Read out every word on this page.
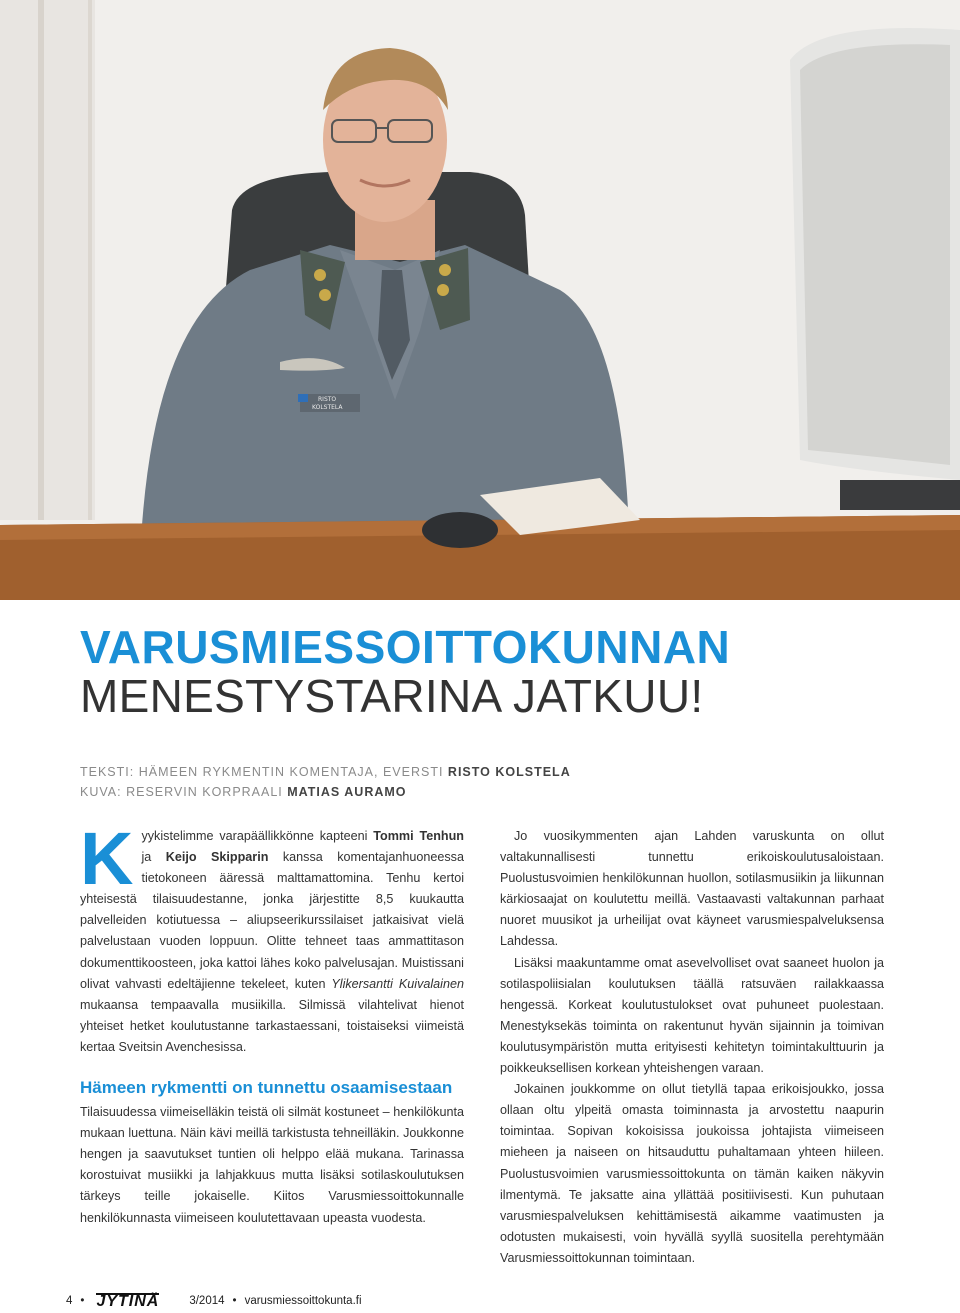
RISTO
KOLSTELA
VARUSMIESSOITTOKUNNAN
MENESTYSTARINA JATKUU!
TEKSTI: HÄMEEN RYKMENTIN KOMENTAJA, EVERSTI RISTO KOLSTELA
KUVA: RESERVIN KORPRAALI MATIAS AURAMO

Kyykistelimme varapäällikkönne kapteeni Tommi Tenhun ja Keijo Skipparin kanssa komentajanhuoneessa tietokoneen ääressä malttamattomina. Tenhu kertoi yhteisestä tilaisuudestanne, jonka järjestitte 8,5 kuukautta palvelleiden kotiutuessa – aliupseerikurssilaiset jatkaisivat vielä palvelustaan vuoden loppuun. Olitte tehneet taas ammattitason dokumenttikoosteen, joka kattoi lähes koko palvelusajan. Muistissani olivat vahvasti edeltäjienne tekeleet, kuten Ylikersantti Kuivalainen mukaansa tempaavalla musiikilla. Silmissä vilahtelivat hienot yhteiset hetket koulutustanne tarkastaessani, toistaiseksi viimeistä kertaa Sveitsin Avenchesissa.

Hämeen rykmentti on tunnettu osaamisestaan

Tilaisuudessa viimeiselläkin teistä oli silmät kostuneet – henkilökunta mukaan luettuna. Näin kävi meillä tarkistusta tehneilläkin. Joukkonne hengen ja saavutukset tuntien oli helppo elää mukana. Tarinassa korostuivat musiikki ja lahjakkuus mutta lisäksi sotilaskoulutuksen tärkeys teille jokaiselle. Kiitos Varusmiessoittokunnalle henkilökunnasta viimeiseen koulutettavaan upeasta vuodesta.

Jo vuosikymmenten ajan Lahden varuskunta on ollut valtakunnallisesti tunnettu erikoiskoulutusaloistaan. Puolustusvoimien henkilökunnan huollon, sotilasmusiikin ja liikunnan kärkiosaajat on koulutettu meillä. Vastaavasti valtakunnan parhaat nuoret muusikot ja urheilijat ovat käyneet varusmiespalveluksensa Lahdessa.

Lisäksi maakuntamme omat asevelvolliset ovat saaneet huolon ja sotilaspoliisialan koulutuksen täällä ratsuväen railakkaassa hengessä. Korkeat koulutustulokset ovat puhuneet puolestaan. Menestyksekäs toiminta on rakentunut hyvän sijainnin ja toimivan koulutusympäristön mutta erityisesti kehitetyn toimintakulttuurin ja poikkeuksellisen korkean yhteishengen varaan.

Jokainen joukkomme on ollut tietyllä tapaa erikoisjoukko, jossa ollaan oltu ylpeitä omasta toiminnasta ja arvostettu naapurin toimintaa. Sopivan kokoisissa joukoissa johtajista viimeiseen mieheen ja naiseen on hitsauduttu puhaltamaan yhteen hiileen. Puolustusvoimien varusmiessoittokunta on tämän kaiken näkyvin ilmentymä. Te jaksatte aina yllättää positiivisesti. Kun puhutaan varusmiespalveluksen kehittämisestä aikamme vaatimusten ja odotusten mukaisesti, voin hyvällä syyllä suositella perehtymään Varusmiessoittokunnan toimintaan.

4 • JYTINÄ	3/2014 • varusmiessoittokunta.fi
